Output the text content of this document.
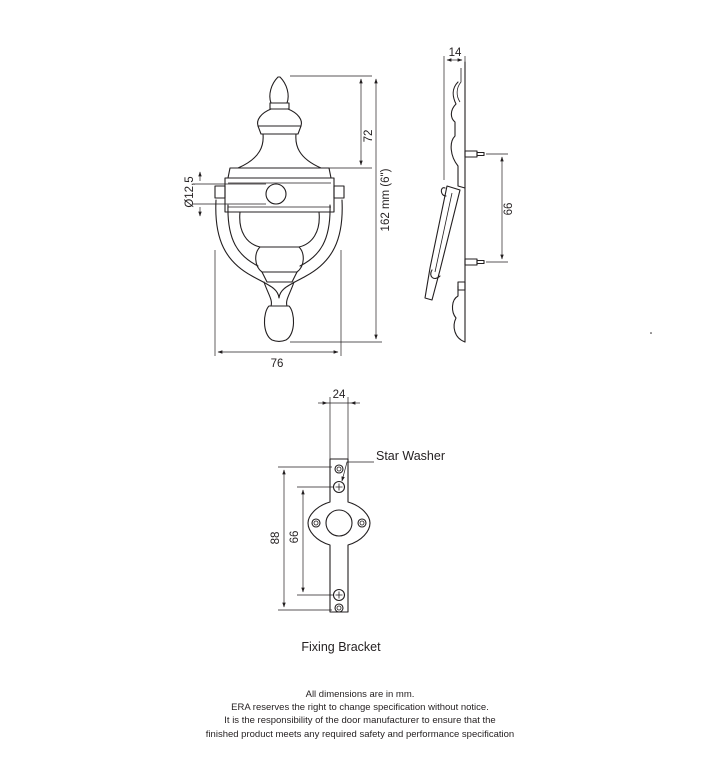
72
162 mm (6")
Ø12,5
76
14
66
24
88 66
Star Washer
Fixing Bracket
All dimensions are in mm.
ERA reserves the right to change specification without notice.
It is the responsibility of the door manufacturer to ensure that the
finished product meets any required safety and performance specification
